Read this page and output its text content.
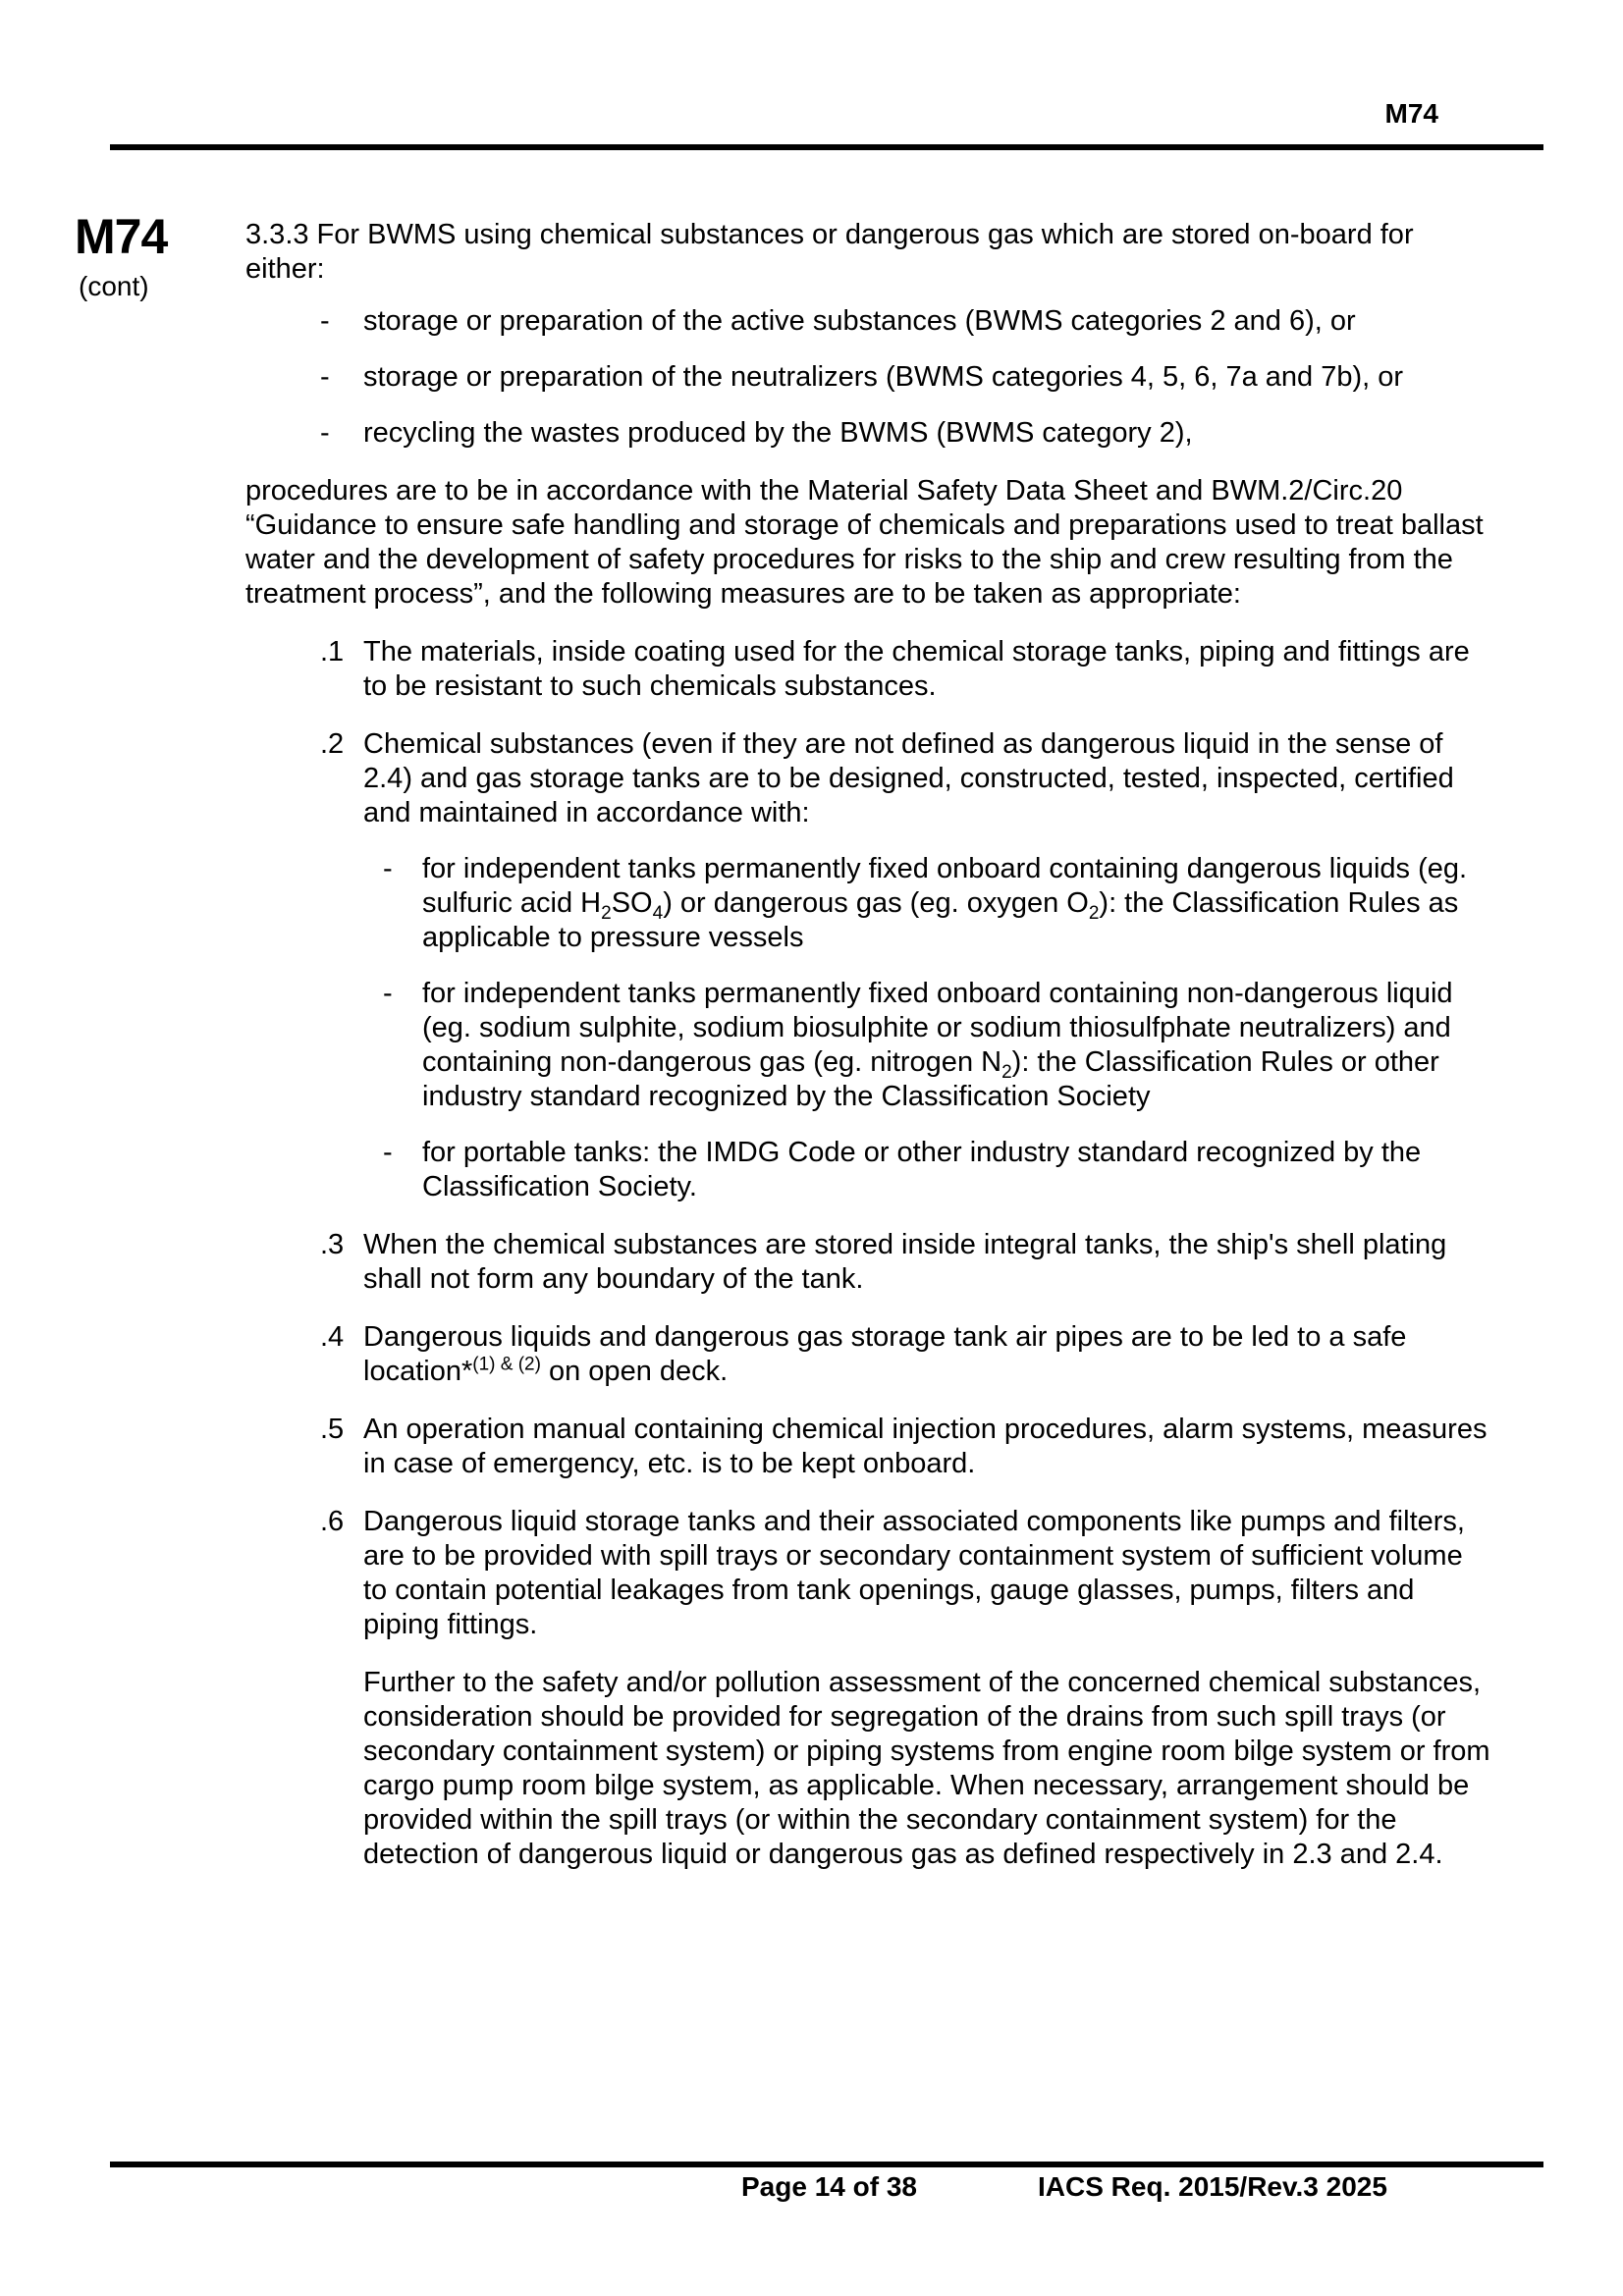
M74
M74
(cont)

3.3.3 For BWMS using chemical substances or dangerous gas which are stored on-board for either:

- storage or preparation of the active substances (BWMS categories 2 and 6), or
- storage or preparation of the neutralizers (BWMS categories 4, 5, 6, 7a and 7b), or
- recycling the wastes produced by the BWMS (BWMS category 2),

procedures are to be in accordance with the Material Safety Data Sheet and BWM.2/Circ.20 “Guidance to ensure safe handling and storage of chemicals and preparations used to treat ballast water and the development of safety procedures for risks to the ship and crew resulting from the treatment process”, and the following measures are to be taken as appropriate:

.1 The materials, inside coating used for the chemical storage tanks, piping and fittings are to be resistant to such chemicals substances.
.2 Chemical substances (even if they are not defined as dangerous liquid in the sense of 2.4) and gas storage tanks are to be designed, constructed, tested, inspected, certified and maintained in accordance with:
- for independent tanks permanently fixed onboard containing dangerous liquids (eg. sulfuric acid $H_2SO_4$) or dangerous gas (eg. oxygen $O_2$): the Classification Rules as applicable to pressure vessels
- for independent tanks permanently fixed onboard containing non-dangerous liquid (eg. sodium sulphite, sodium biosulphite or sodium thiosulfphate neutralizers) and containing non-dangerous gas (eg. nitrogen $N_2$): the Classification Rules or other industry standard recognized by the Classification Society
- for portable tanks: the IMDG Code or other industry standard recognized by the Classification Society.
.3 When the chemical substances are stored inside integral tanks, the ship's shell plating shall not form any boundary of the tank.
.4 Dangerous liquids and dangerous gas storage tank air pipes are to be led to a safe location*$^{(1) \& (2)}$ on open deck.
.5 An operation manual containing chemical injection procedures, alarm systems, measures in case of emergency, etc. is to be kept onboard.
.6 Dangerous liquid storage tanks and their associated components like pumps and filters, are to be provided with spill trays or secondary containment system of sufficient volume to contain potential leakages from tank openings, gauge glasses, pumps, filters and piping fittings.

Further to the safety and/or pollution assessment of the concerned chemical substances, consideration should be provided for segregation of the drains from such spill trays (or secondary containment system) or piping systems from engine room bilge system or from cargo pump room bilge system, as applicable. When necessary, arrangement should be provided within the spill trays (or within the secondary containment system) for the detection of dangerous liquid or dangerous gas as defined respectively in 2.3 and 2.4.

Page 14 of 38	IACS Req. 2015/Rev.3 2025
